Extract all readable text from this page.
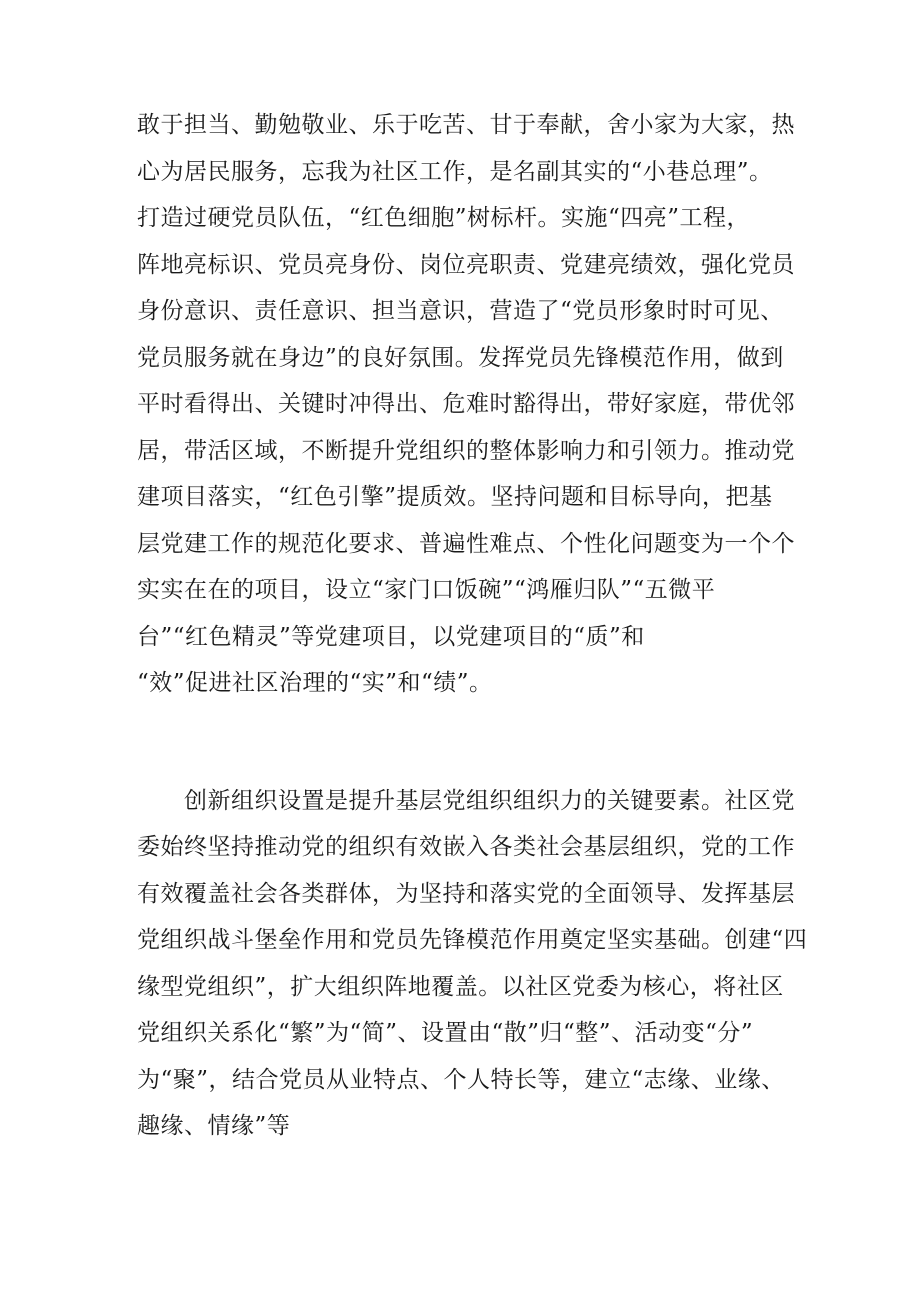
敢于担当、勤勉敬业、乐于吃苦、甘于奉献，舍小家为大家，热
心为居民服务，忘我为社区工作，是名副其实的“小巷总理”。
打造过硬党员队伍，“红色细胞”树标杆。实施“四亮”工程，
阵地亮标识、党员亮身份、岗位亮职责、党建亮绩效，强化党员
身份意识、责任意识、担当意识，营造了“党员形象时时可见、
党员服务就在身边”的良好氛围。发挥党员先锋模范作用，做到
平时看得出、关键时冲得出、危难时豁得出，带好家庭，带优邻
居，带活区域，不断提升党组织的整体影响力和引领力。推动党
建项目落实，“红色引擎”提质效。坚持问题和目标导向，把基
层党建工作的规范化要求、普遍性难点、个性化问题变为一个个
实实在在的项目，设立“家门口饭碗”“鸿雁归队”“五微平
台”“红色精灵”等党建项目，以党建项目的“质”和
“效”促进社区治理的“实”和“绩”。
创新组织设置是提升基层党组织组织力的关键要素。社区党
委始终坚持推动党的组织有效嵌入各类社会基层组织，党的工作
有效覆盖社会各类群体，为坚持和落实党的全面领导、发挥基层
党组织战斗堡垒作用和党员先锋模范作用奠定坚实基础。创建“四
缘型党组织”，扩大组织阵地覆盖。以社区党委为核心，将社区
党组织关系化“繁”为“简”、设置由“散”归“整”、活动变“分”
为“聚”，结合党员从业特点、个人特长等，建立“志缘、业缘、
趣缘、情缘”等
